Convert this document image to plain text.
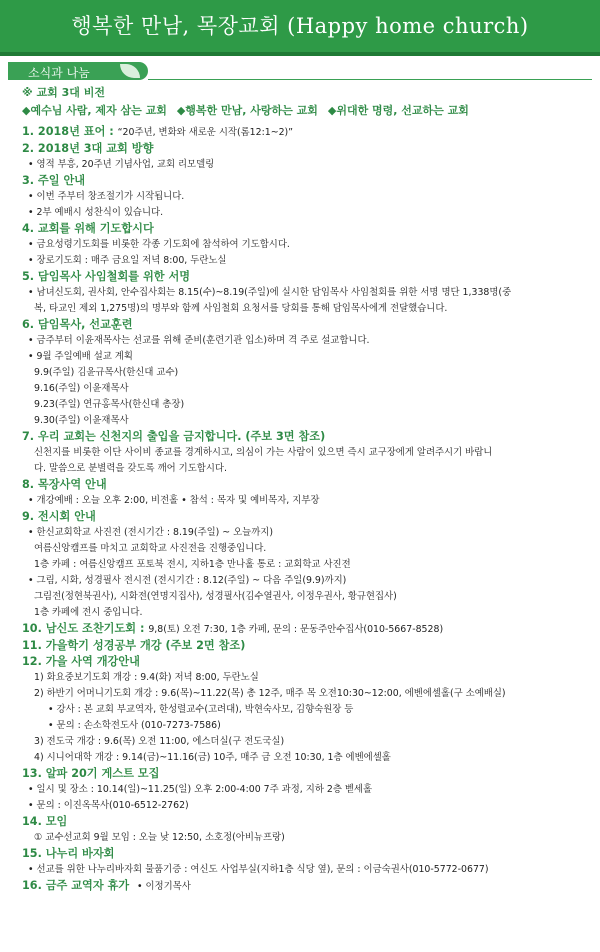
행복한 만남, 목장교회 (Happy home church)
소식과 나눔
※ 교회 3대 비전
◆예수님 사람, 제자 삼는 교회 ◆행복한 만남, 사랑하는 교회 ◆위대한 명령, 선교하는 교회
1. 2018년 표어 : “20주년, 변화와 새로운 시작(롬12:1~2)”
2. 2018년 3대 교회 방향
• 영적 부흥, 20주년 기념사업, 교회 리모델링
3. 주일 안내
• 이번 주부터 창조절기가 시작됩니다.
• 2부 예배시 성찬식이 있습니다.
4. 교회를 위해 기도합시다
• 금요성령기도회를 비롯한 각종 기도회에 참석하여 기도합시다.
• 장로기도회 : 매주 금요일 저녁 8:00, 두란노실
5. 담임목사 사임철회를 위한 서명
• 남녀신도회, 권사회, 안수집사회는 8.15(수)~8.19(주일)에 실시한 담임목사 사임철회를 위한 서명 명단 1,338명(중
복, 타교인 제외 1,275명)의 명부와 함께 사임철회 요청서를 당회를 통해 담임목사에게 전달했습니다.
6. 담임목사, 선교훈련
• 금주부터 이윤재목사는 선교를 위해 준비(훈련기관 입소)하며 격 주로 설교합니다.
• 9월 주일예배 설교 계획
9.9(주일) 김윤규목사(한신대 교수)
9.16(주일) 이윤재목사
9.23(주일) 연규홍목사(한신대 총장)
9.30(주일) 이윤재목사
7. 우리 교회는 신천지의 출입을 금지합니다. (주보 3면 참조)
신천지를 비롯한 이단 사이비 종교를 경계하시고, 의심이 가는 사람이 있으면 즉시 교구장에게 알려주시기 바랍니
다. 말씀으로 분별력을 갖도록 깨어 기도합시다.
8. 목장사역 안내
• 개강예배 : 오늘 오후 2:00, 비전홀 • 참석 : 목자 및 예비목자, 지부장
9. 전시회 안내
• 한신교회학교 사진전 (전시기간 : 8.19(주일) ~ 오늘까지)
여름신앙캠프를 마치고 교회학교 사진전을 진행중입니다.
1층 카페 : 여름신앙캠프 포토북 전시, 지하1층 만나홀 통로 : 교회학교 사진전
• 그림, 시화, 성경필사 전시전 (전시기간 : 8.12(주일) ~ 다음 주일(9.9)까지)
그림전(정현북권사), 시화전(연명지집사), 성경필사(김수열권사, 이정우권사, 황규현집사)
1층 카페에 전시 중입니다.
10. 남신도 조찬기도회 : 9,8(토) 오전 7:30, 1층 카페, 문의 : 문동주안수집사(010-5667-8528)
11. 가을학기 성경공부 개강 (주보 2면 참조)
12. 가을 사역 개강안내
1) 화요중보기도회 개강 : 9.4(화) 저녁 8:00, 두란노실
2) 하반기 어머니기도회 개강 : 9.6(목)~11.22(목) 총 12주, 매주 목 오전10:30~12:00, 에벤에셀홀(구 소예배실)
• 강사 : 본 교회 부교역자, 한성렬교수(고려대), 박현숙사모, 김향숙원장 등
• 문의 : 손소학전도사 (010-7273-7586)
3) 전도국 개강 : 9.6(목) 오전 11:00, 에스더실(구 전도국실)
4) 시니어대학 개강 : 9.14(금)~11.16(금) 10주, 매주 금 오전 10:30, 1층 에벤에셀홀
13. 알파 20기 게스트 모집
• 일시 및 장소 : 10.14(일)~11.25(일) 오후 2:00-4:00 7주 과정, 지하 2층 벧세홀
• 문의 : 이진옥목사(010-6512-2762)
14. 모임
① 교수선교회 9월 모임 : 오늘 낮 12:50, 소호정(아비뉴프랑)
15. 나누리 바자회
• 선교를 위한 나누리바자회 물품기증 : 여신도 사업부실(지하1층 식당 옆), 문의 : 이금숙권사(010-5772-0677)
16. 금주 교역자 휴가 • 이정기목사
